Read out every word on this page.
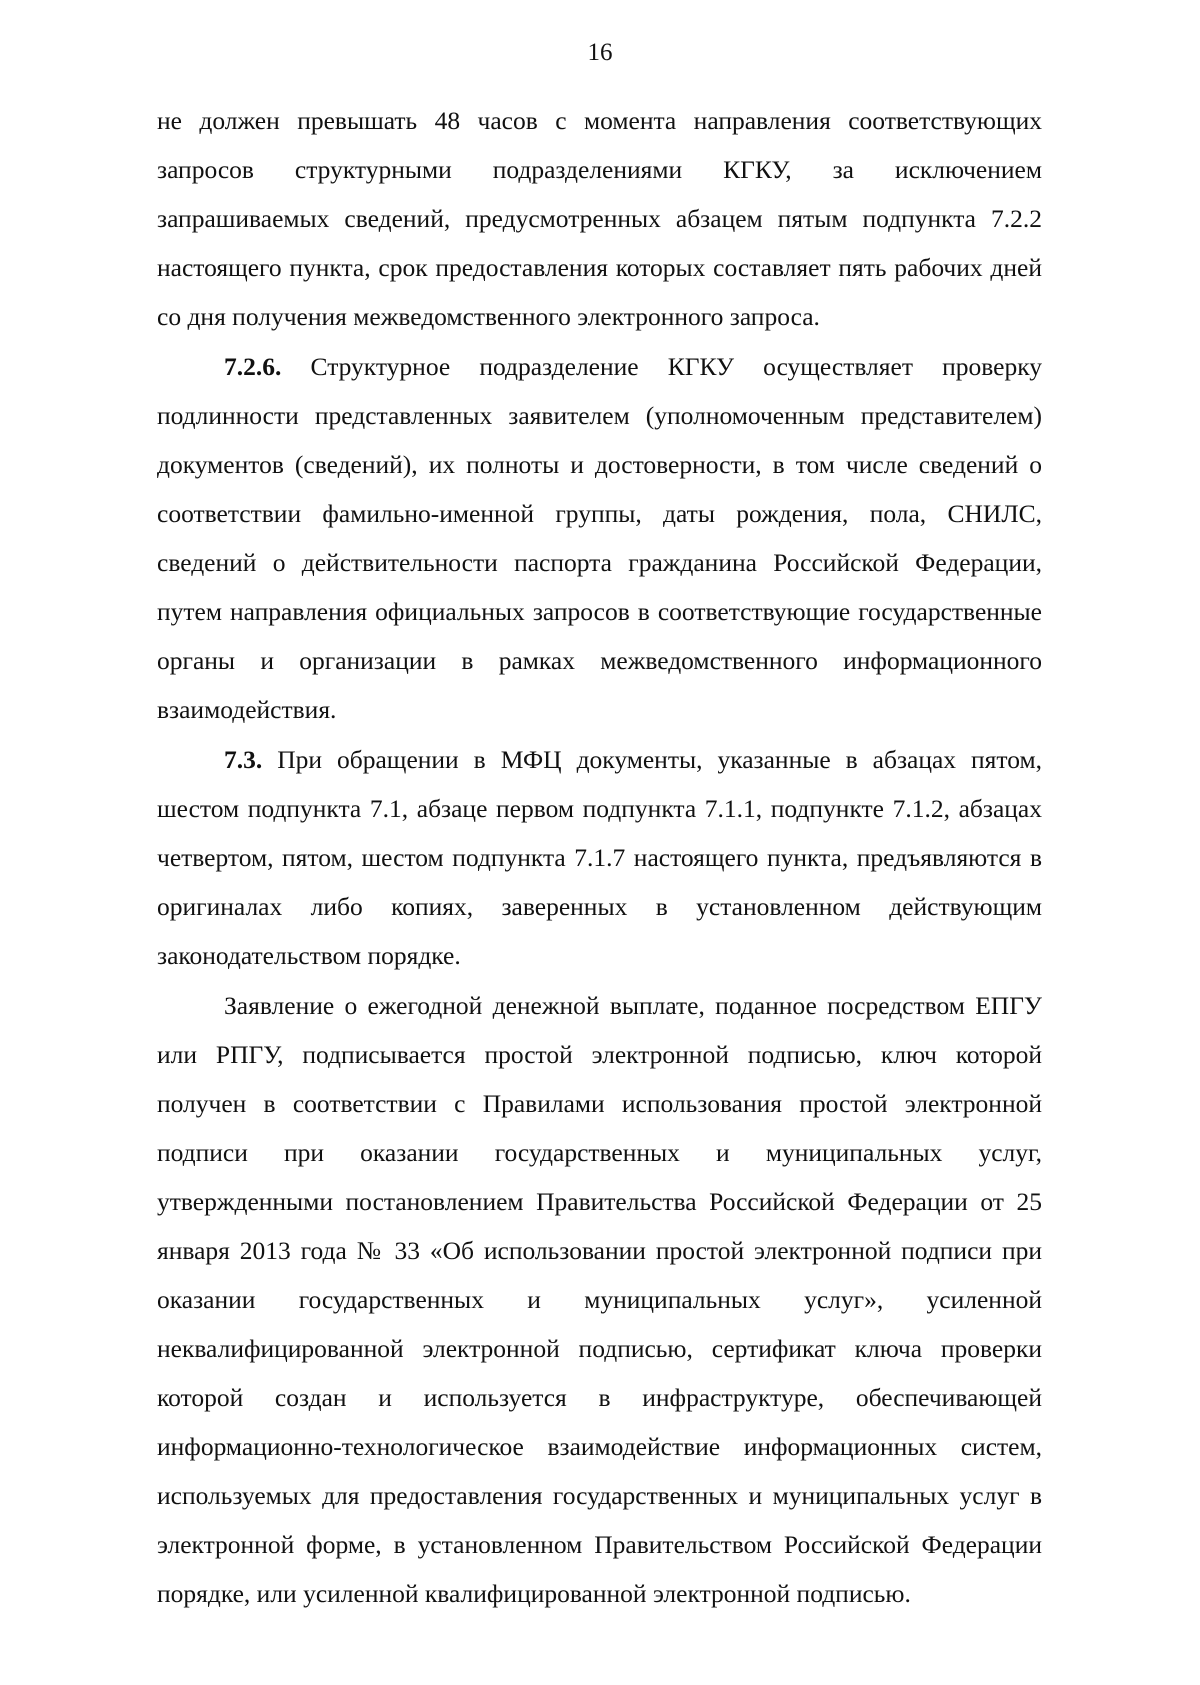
16

не должен превышать 48 часов с момента направления соответствующих запросов структурными подразделениями КГКУ, за исключением запрашиваемых сведений, предусмотренных абзацем пятым подпункта 7.2.2 настоящего пункта, срок предоставления которых составляет пять рабочих дней со дня получения межведомственного электронного запроса.

7.2.6. Структурное подразделение КГКУ осуществляет проверку подлинности представленных заявителем (уполномоченным представителем) документов (сведений), их полноты и достоверности, в том числе сведений о соответствии фамильно-именной группы, даты рождения, пола, СНИЛС, сведений о действительности паспорта гражданина Российской Федерации, путем направления официальных запросов в соответствующие государственные органы и организации в рамках межведомственного информационного взаимодействия.

7.3. При обращении в МФЦ документы, указанные в абзацах пятом, шестом подпункта 7.1, абзаце первом подпункта 7.1.1, подпункте 7.1.2, абзацах четвертом, пятом, шестом подпункта 7.1.7 настоящего пункта, предъявляются в оригиналах либо копиях, заверенных в установленном действующим законодательством порядке.

Заявление о ежегодной денежной выплате, поданное посредством ЕПГУ или РПГУ, подписывается простой электронной подписью, ключ которой получен в соответствии с Правилами использования простой электронной подписи при оказании государственных и муниципальных услуг, утвержденными постановлением Правительства Российской Федерации от 25 января 2013 года № 33 «Об использовании простой электронной подписи при оказании государственных и муниципальных услуг», усиленной неквалифицированной электронной подписью, сертификат ключа проверки которой создан и используется в инфраструктуре, обеспечивающей информационно-технологическое взаимодействие информационных систем, используемых для предоставления государственных и муниципальных услуг в электронной форме, в установленном Правительством Российской Федерации порядке, или усиленной квалифицированной электронной подписью.
